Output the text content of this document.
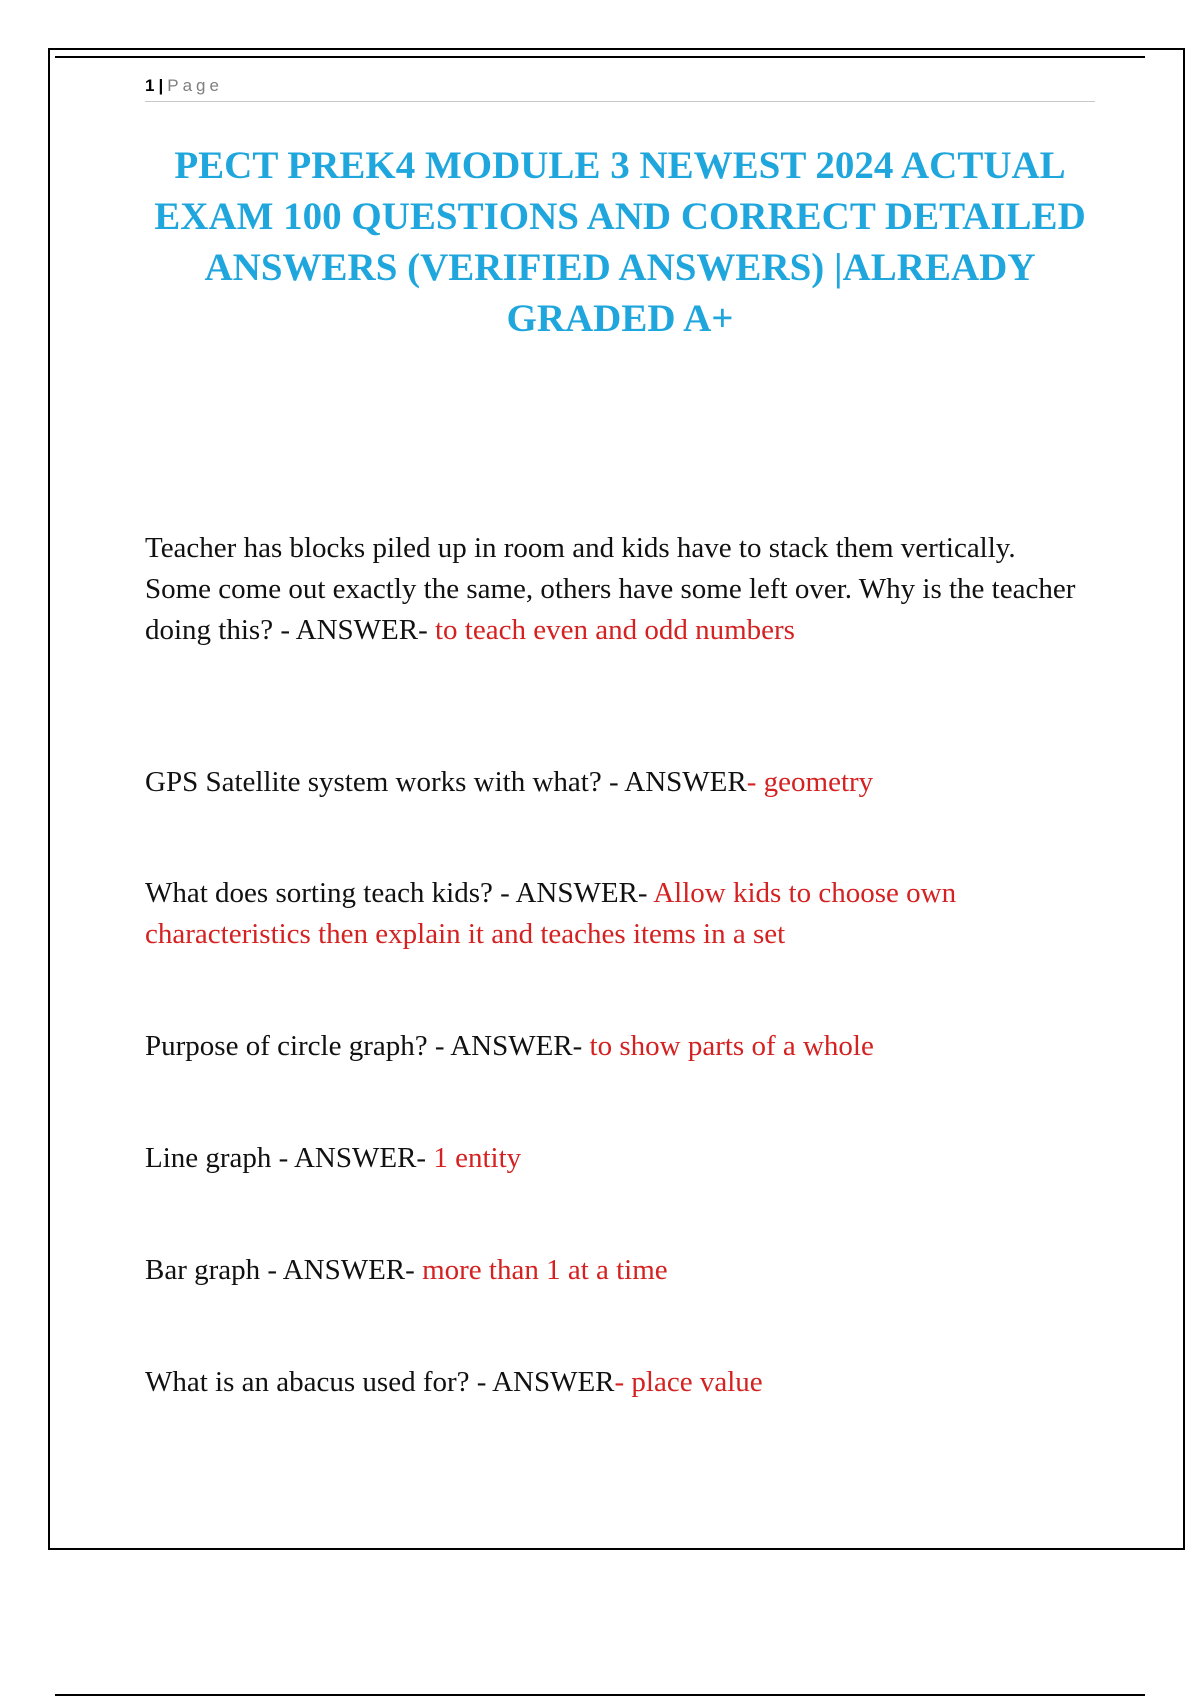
1 | Page
PECT PREK4 MODULE 3 NEWEST 2024 ACTUAL EXAM 100 QUESTIONS AND CORRECT DETAILED ANSWERS (VERIFIED ANSWERS) |ALREADY GRADED A+

Teacher has blocks piled up in room and kids have to stack them vertically. Some come out exactly the same, others have some left over. Why is the teacher doing this? - ANSWER- to teach even and odd numbers

GPS Satellite system works with what? - ANSWER- geometry

What does sorting teach kids? - ANSWER- Allow kids to choose own characteristics then explain it and teaches items in a set

Purpose of circle graph? - ANSWER- to show parts of a whole

Line graph - ANSWER- 1 entity

Bar graph - ANSWER- more than 1 at a time

What is an abacus used for? - ANSWER- place value
